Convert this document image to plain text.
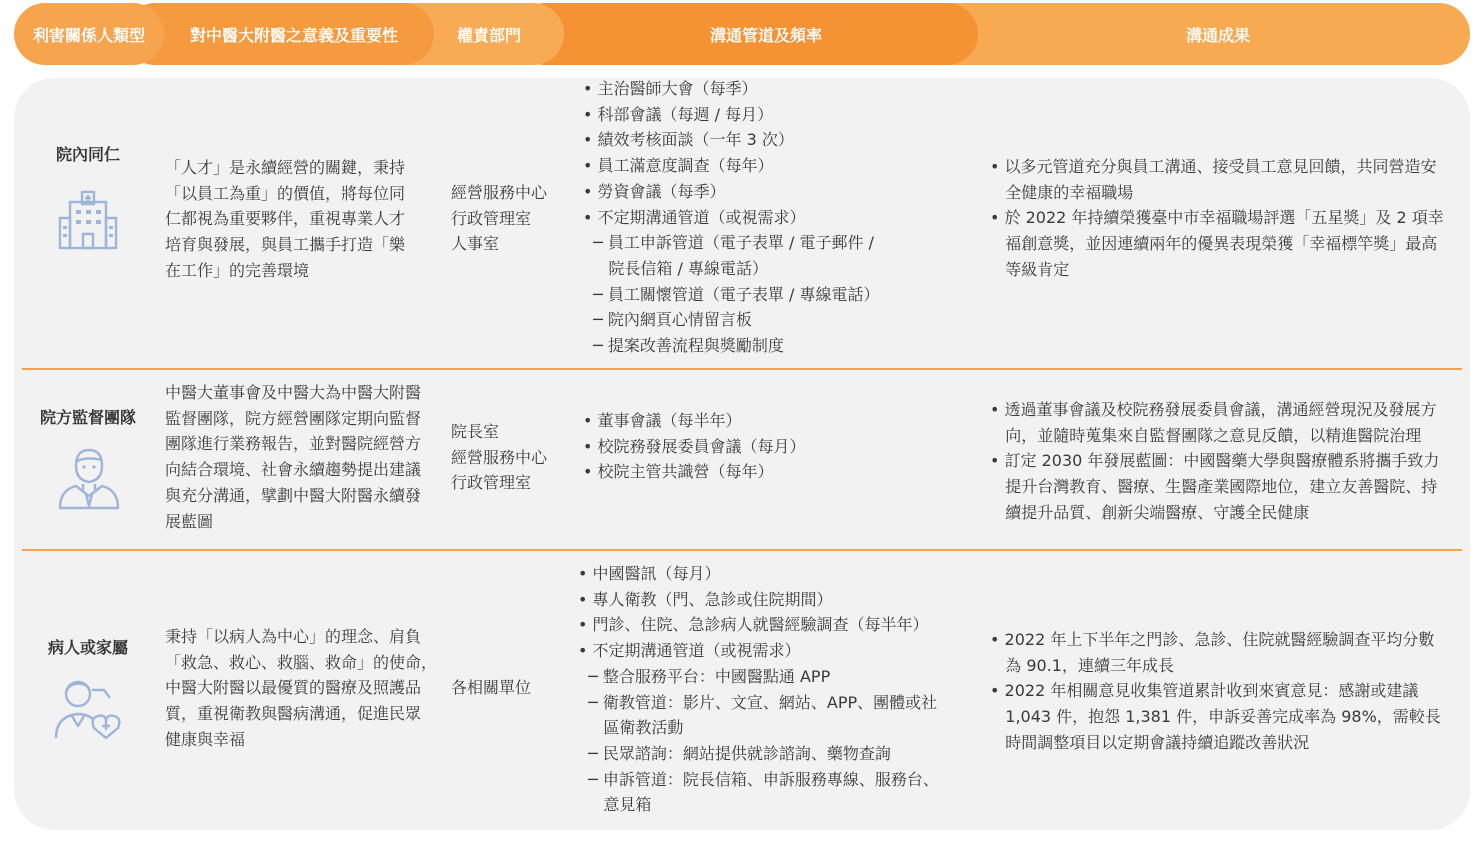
溝通成果
溝通管道及頻率
權責部門
對中醫大附醫之意義及重要性
利害關係人類型
院內同仁
「人才」是永續經營的關鍵，秉持
「以員工為重」的價值，將每位同
仁都視為重要夥伴，重視專業人才
培育與發展，與員工攜手打造「樂
在工作」的完善環境
經營服務中心
行政管理室
人事室
• 主治醫師大會（每季）
• 科部會議（每週 / 每月）
• 績效考核面談（一年 3 次）
• 員工滿意度調查（每年）
• 勞資會議（每季）
• 不定期溝通管道（或視需求）
─ 員工申訴管道（電子表單 / 電子郵件 /
院長信箱 / 專線電話）
─ 員工關懷管道（電子表單 / 專線電話）
─ 院內網頁心情留言板
─ 提案改善流程與獎勵制度
• 以多元管道充分與員工溝通、接受員工意見回饋，共同營造安
全健康的幸福職場
• 於 2022 年持續榮獲臺中市幸福職場評選「五星獎」及 2 項幸
福創意獎，並因連續兩年的優異表現榮獲「幸福標竿獎」最高
等級肯定
院方監督團隊
中醫大董事會及中醫大為中醫大附醫
監督團隊，院方經營團隊定期向監督
團隊進行業務報告，並對醫院經營方
向結合環境、社會永續趨勢提出建議
與充分溝通，擘劃中醫大附醫永續發
展藍圖
院長室
經營服務中心
行政管理室
• 董事會議（每半年）
• 校院務發展委員會議（每月）
• 校院主管共識營（每年）
• 透過董事會議及校院務發展委員會議，溝通經營現況及發展方
向，並隨時蒐集來自監督團隊之意見反饋，以精進醫院治理
• 訂定 2030 年發展藍圖：中國醫藥大學與醫療體系將攜手致力
提升台灣教育、醫療、生醫產業國際地位，建立友善醫院、持
續提升品質、創新尖端醫療、守護全民健康
病人或家屬
秉持「以病人為中心」的理念、肩負
「救急、救心、救腦、救命」的使命，
中醫大附醫以最優質的醫療及照護品
質，重視衛教與醫病溝通，促進民眾
健康與幸福
各相關單位
• 中國醫訊（每月）
• 專人衛教（門、急診或住院期間）
• 門診、住院、急診病人就醫經驗調查（每半年）
• 不定期溝通管道（或視需求）
─ 整合服務平台：中國醫點通 APP
─ 衛教管道：影片、文宣、網站、APP、團體或社
區衛教活動
─ 民眾諮詢：網站提供就診諮詢、藥物查詢
─ 申訴管道：院長信箱、申訴服務專線、服務台、
意見箱
• 2022 年上下半年之門診、急診、住院就醫經驗調查平均分數
為 90.1，連續三年成長
• 2022 年相關意見收集管道累計收到來賓意見：感謝或建議
1,043 件，抱怨 1,381 件，申訴妥善完成率為 98%，需較長
時間調整項目以定期會議持續追蹤改善狀況
